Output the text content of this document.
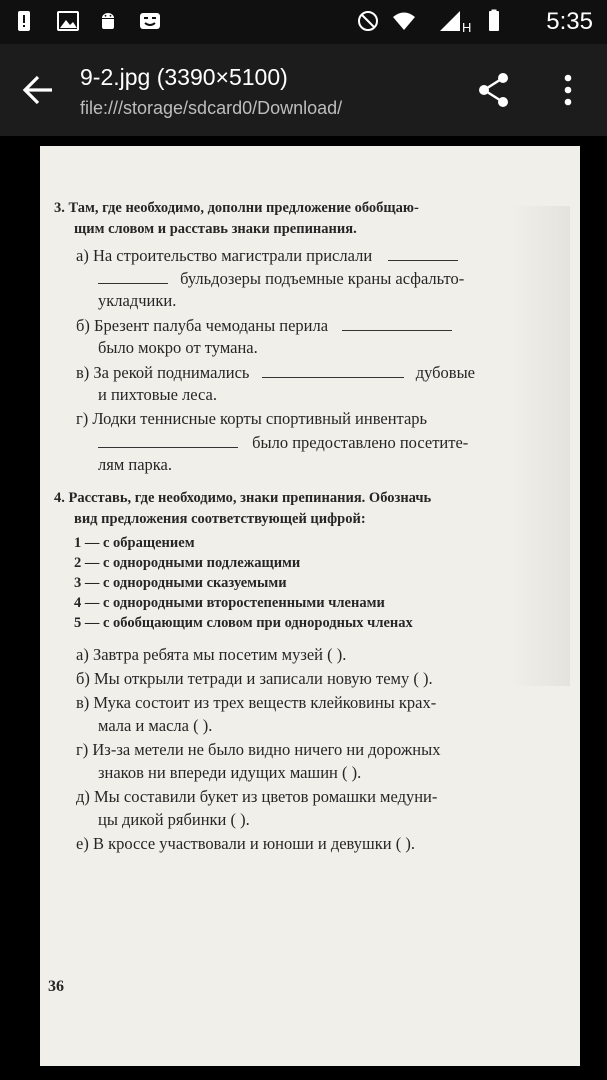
H	5:35
9-2.jpg (3390×5100)
file:///storage/sdcard0/Download/
3. Там, где необходимо, дополни предложение обобщаю-
щим словом и расставь знаки препинания.
а) На строительство магистрали прислали
бульдозеры подъемные краны асфальто-
укладчики.
б) Брезент палуба чемоданы перила
было мокро от тумана.
в) За рекой поднимались	дубовые
и пихтовые леса.
г) Лодки теннисные корты спортивный инвентарь
было предоставлено посетите-
лям парка.
4. Расставь, где необходимо, знаки препинания. Обозначь
вид предложения соответствующей цифрой:
1 — с обращением
2 — с однородными подлежащими
3 — с однородными сказуемыми
4 — с однородными второстепенными членами
5 — с обобщающим словом при однородных членах
а) Завтра ребята мы посетим музей ( ).
б) Мы открыли тетради и записали новую тему ( ).
в) Мука состоит из трех веществ клейковины крах-
мала и масла ( ).
г) Из-за метели не было видно ничего ни дорожных
знаков ни впереди идущих машин ( ).
д) Мы составили букет из цветов ромашки медуни-
цы дикой рябинки ( ).
е) В кроссе участвовали и юноши и девушки ( ).
36
